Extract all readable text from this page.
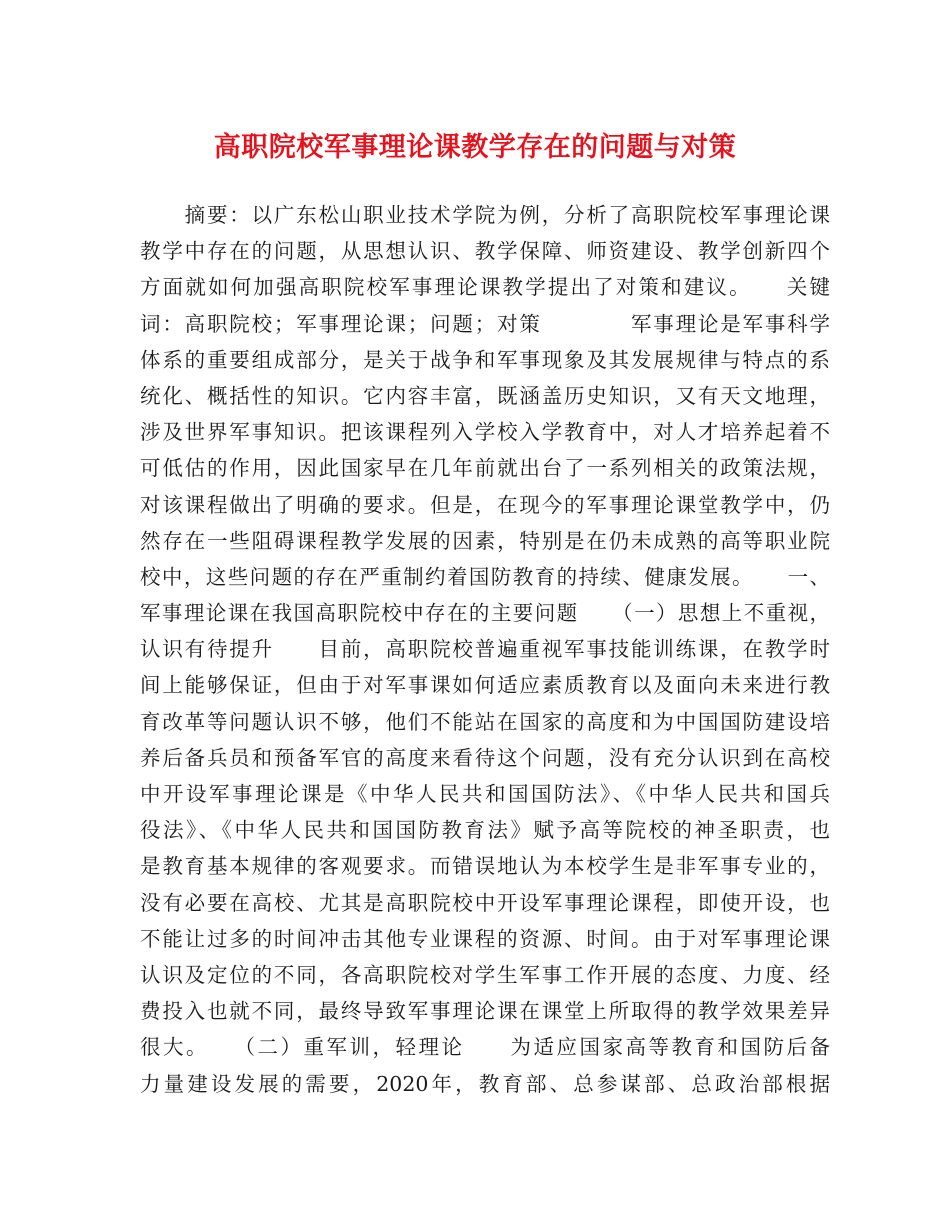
高职院校军事理论课教学存在的问题与对策
　　摘要：以广东松山职业技术学院为例，分析了高职院校军事理论课
教学中存在的问题，从思想认识、教学保障、师资建设、教学创新四个
方面就如何加强高职院校军事理论课教学提出了对策和建议。　　关键
词：高职院校；军事理论课；问题；对策　　　　军事理论是军事科学
体系的重要组成部分，是关于战争和军事现象及其发展规律与特点的系
统化、概括性的知识。它内容丰富，既涵盖历史知识，又有天文地理，
涉及世界军事知识。把该课程列入学校入学教育中，对人才培养起着不
可低估的作用，因此国家早在几年前就出台了一系列相关的政策法规，
对该课程做出了明确的要求。但是，在现今的军事理论课堂教学中，仍
然存在一些阻碍课程教学发展的因素，特别是在仍未成熟的高等职业院
校中，这些问题的存在严重制约着国防教育的持续、健康发展。　　一、
军事理论课在我国高职院校中存在的主要问题　　（一）思想上不重视，
认识有待提升　　目前，高职院校普遍重视军事技能训练课，在教学时
间上能够保证，但由于对军事课如何适应素质教育以及面向未来进行教
育改革等问题认识不够，他们不能站在国家的高度和为中国国防建设培
养后备兵员和预备军官的高度来看待这个问题，没有充分认识到在高校
中开设军事理论课是《中华人民共和国国防法》、《中华人民共和国兵
役法》、《中华人民共和国国防教育法》赋予高等院校的神圣职责，也
是教育基本规律的客观要求。而错误地认为本校学生是非军事专业的，
没有必要在高校、尤其是高职院校中开设军事理论课程，即使开设，也
不能让过多的时间冲击其他专业课程的资源、时间。由于对军事理论课
认识及定位的不同，各高职院校对学生军事工作开展的态度、力度、经
费投入也就不同，最终导致军事理论课在课堂上所取得的教学效果差异
很大。　　（二）重军训，轻理论　　为适应国家高等教育和国防后备
力量建设发展的需要，2020年，教育部、总参谋部、总政治部根据
